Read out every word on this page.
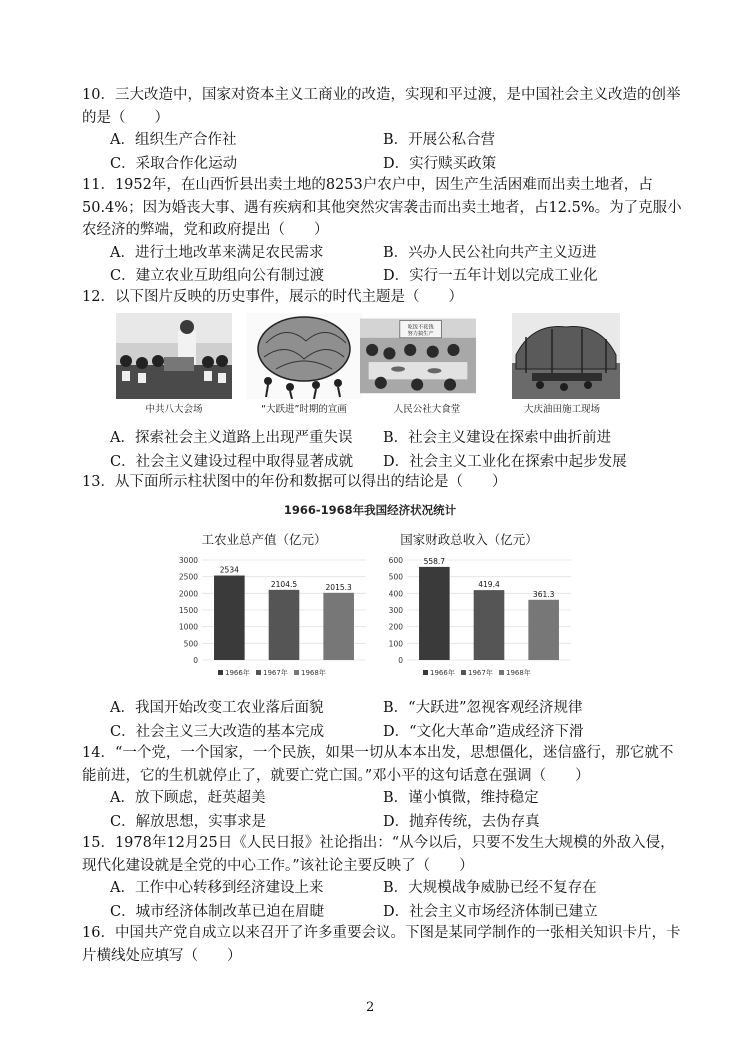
10．三大改造中，国家对资本主义工商业的改造，实现和平过渡，是中国社会主义改造的创举的是（　　）
A．组织生产合作社	B．开展公私合营
C．采取合作化运动	D．实行赎买政策
11．1952年，在山西忻县出卖土地的8253户农户中，因生产生活困难而出卖土地者，占50.4%；因为婚丧大事、遇有疾病和其他突然灾害袭击而出卖土地者，占12.5%。为了克服小农经济的弊端，党和政府提出（　　）
A．进行土地改革来满足农民需求	B．兴办人民公社向共产主义迈进
C．建立农业互助组向公有制过渡	D．实行一五年计划以完成工业化
12．以下图片反映的历史事件，展示的时代主题是（　　）
中共八大会场	“大跃进”时期的宣画
吃饭不花钱
努力搞生产
人民公社大食堂	大庆油田施工现场
A．探索社会主义道路上出现严重失误	B．社会主义建设在探索中曲折前进
C．社会主义建设过程中取得显著成就	D．社会主义工业化在探索中起步发展
13．从下面所示柱状图中的年份和数据可以得出的结论是（　　）
1966-1968年我国经济状况统计
工农业总产值（亿元）
3000
2500
2000
1500
1000
500
0
2534
2104.5	2015.3
1966年 1967年 1968年
国家财政总收入（亿元）
600
500
400
300
200
100
0
558.7
419.4
361.3
1966年 1967年 1968年
A．我国开始改变工农业落后面貌	B．“大跃进”忽视客观经济规律
C．社会主义三大改造的基本完成	D．“文化大革命”造成经济下滑
14．“一个党，一个国家，一个民族，如果一切从本本出发，思想僵化，迷信盛行，那它就不能前进，它的生机就停止了，就要亡党亡国。”邓小平的这句话意在强调（　　）
A．放下顾虑，赶英超美	B．谨小慎微，维持稳定
C．解放思想，实事求是	D．抛弃传统，去伪存真
15．1978年12月25日《人民日报》社论指出：“从今以后，只要不发生大规模的外敌入侵，现代化建设就是全党的中心工作。”该社论主要反映了（　　）
A．工作中心转移到经济建设上来	B．大规模战争威胁已经不复存在
C．城市经济体制改革已迫在眉睫	D．社会主义市场经济体制已建立
16．中国共产党自成立以来召开了许多重要会议。下图是某同学制作的一张相关知识卡片，卡片横线处应填写（　　）
2
